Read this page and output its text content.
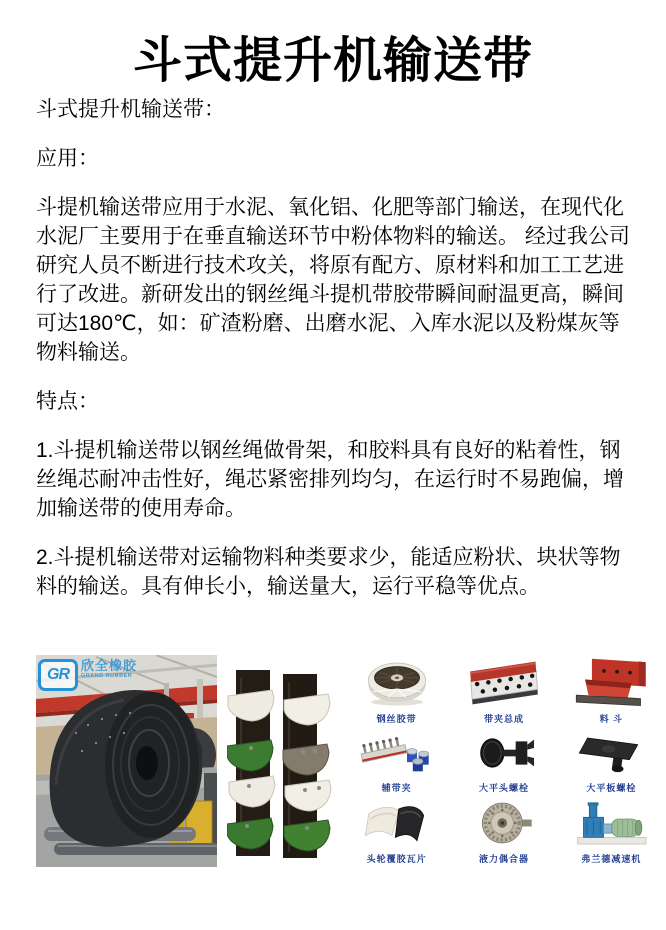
斗式提升机输送带

斗式提升机输送带：

应用：

斗提机输送带应用于水泥、氧化铝、化肥等部门输送，在现代化水泥厂主要用于在垂直输送环节中粉体物料的输送。 经过我公司研究人员不断进行技术攻关，将原有配方、原材料和加工工艺进行了改进。新研发出的钢丝绳斗提机带胶带瞬间耐温更高，瞬间可达180℃，如：矿渣粉磨、出磨水泥、入库水泥以及粉煤灰等物料输送。

特点：

1.斗提机输送带以钢丝绳做骨架，和胶料具有良好的粘着性，钢丝绳芯耐冲击性好，绳芯紧密排列均匀，在运行时不易跑偏，增加输送带的使用寿命。

2.斗提机输送带对运输物料种类要求少，能适应粉状、块状等物料的输送。具有伸长小，输送量大，运行平稳等优点。

GR
欣全橡胶
GRAND RUBBER
钢丝胶带	带夹总成	料 斗
辅带夹	大平头螺栓	大平板螺栓
头轮覆胶瓦片	液力偶合器	弗兰德减速机
